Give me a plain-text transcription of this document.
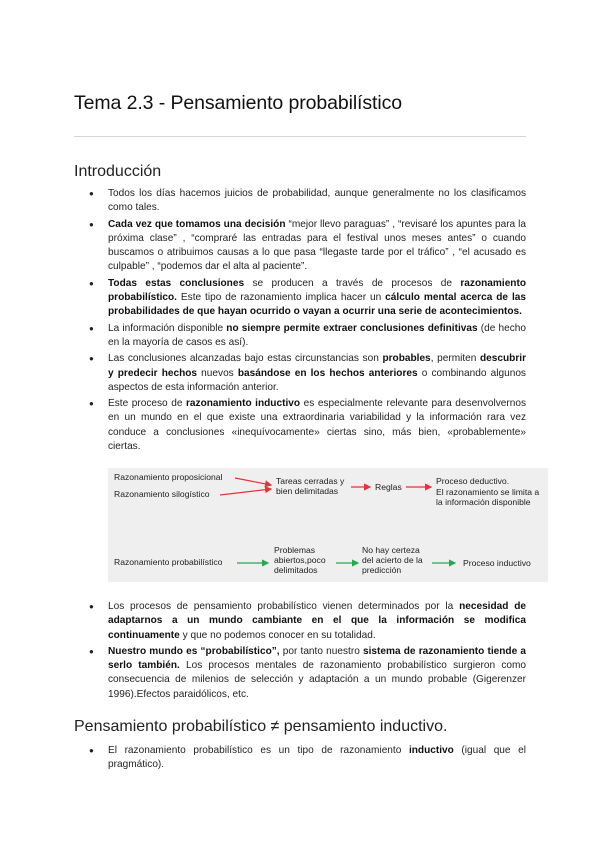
Tema 2.3 - Pensamiento probabilístico
Introducción
● Todos los días hacemos juicios de probabilidad, aunque generalmente no los clasificamos como tales.
● Cada vez que tomamos una decisión “mejor llevo paraguas” , “revisaré los apuntes para la próxima clase” , “compraré las entradas para el festival unos meses antes” o cuando buscamos o atribuimos causas a lo que pasa “llegaste tarde por el tráfico” , “el acusado es culpable” , “podemos dar el alta al paciente”.
● Todas estas conclusiones se producen a través de procesos de razonamiento probabilístico. Este tipo de razonamiento implica hacer un cálculo mental acerca de las probabilidades de que hayan ocurrido o vayan a ocurrir una serie de acontecimientos.
● La información disponible no siempre permite extraer conclusiones definitivas (de hecho en la mayoría de casos es así).
● Las conclusiones alcanzadas bajo estas circunstancias son probables, permiten descubrir y predecir hechos nuevos basándose en los hechos anteriores o combinando algunos aspectos de esta información anterior.
● Este proceso de razonamiento inductivo es especialmente relevante para desenvolvernos en un mundo en el que existe una extraordinaria variabilidad y la información rara vez conduce a conclusiones «inequívocamente» ciertas sino, más bien, «probablemente» ciertas.
Razonamiento proposicional
Razonamiento silogístico
Tareas cerradas y bien delimitadas	Reglas
Proceso deductivo.
El razonamiento se limita a la información disponible
Razonamiento probabilístico
Problemas abiertos,poco delimitados
No hay certeza del acierto de la predicción
Proceso inductivo
● Los procesos de pensamiento probabilístico vienen determinados por la necesidad de adaptarnos a un mundo cambiante en el que la información se modifica continuamente y que no podemos conocer en su totalidad.
● Nuestro mundo es “probabilístico”, por tanto nuestro sistema de razonamiento tiende a serlo también. Los procesos mentales de razonamiento probabilístico surgieron como consecuencia de milenios de selección y adaptación a un mundo probable (Gigerenzer 1996).Efectos paraidólicos, etc.
Pensamiento probabilístico ≠ pensamiento inductivo.
● El razonamiento probabilístico es un tipo de razonamiento inductivo (igual que el pragmático).
